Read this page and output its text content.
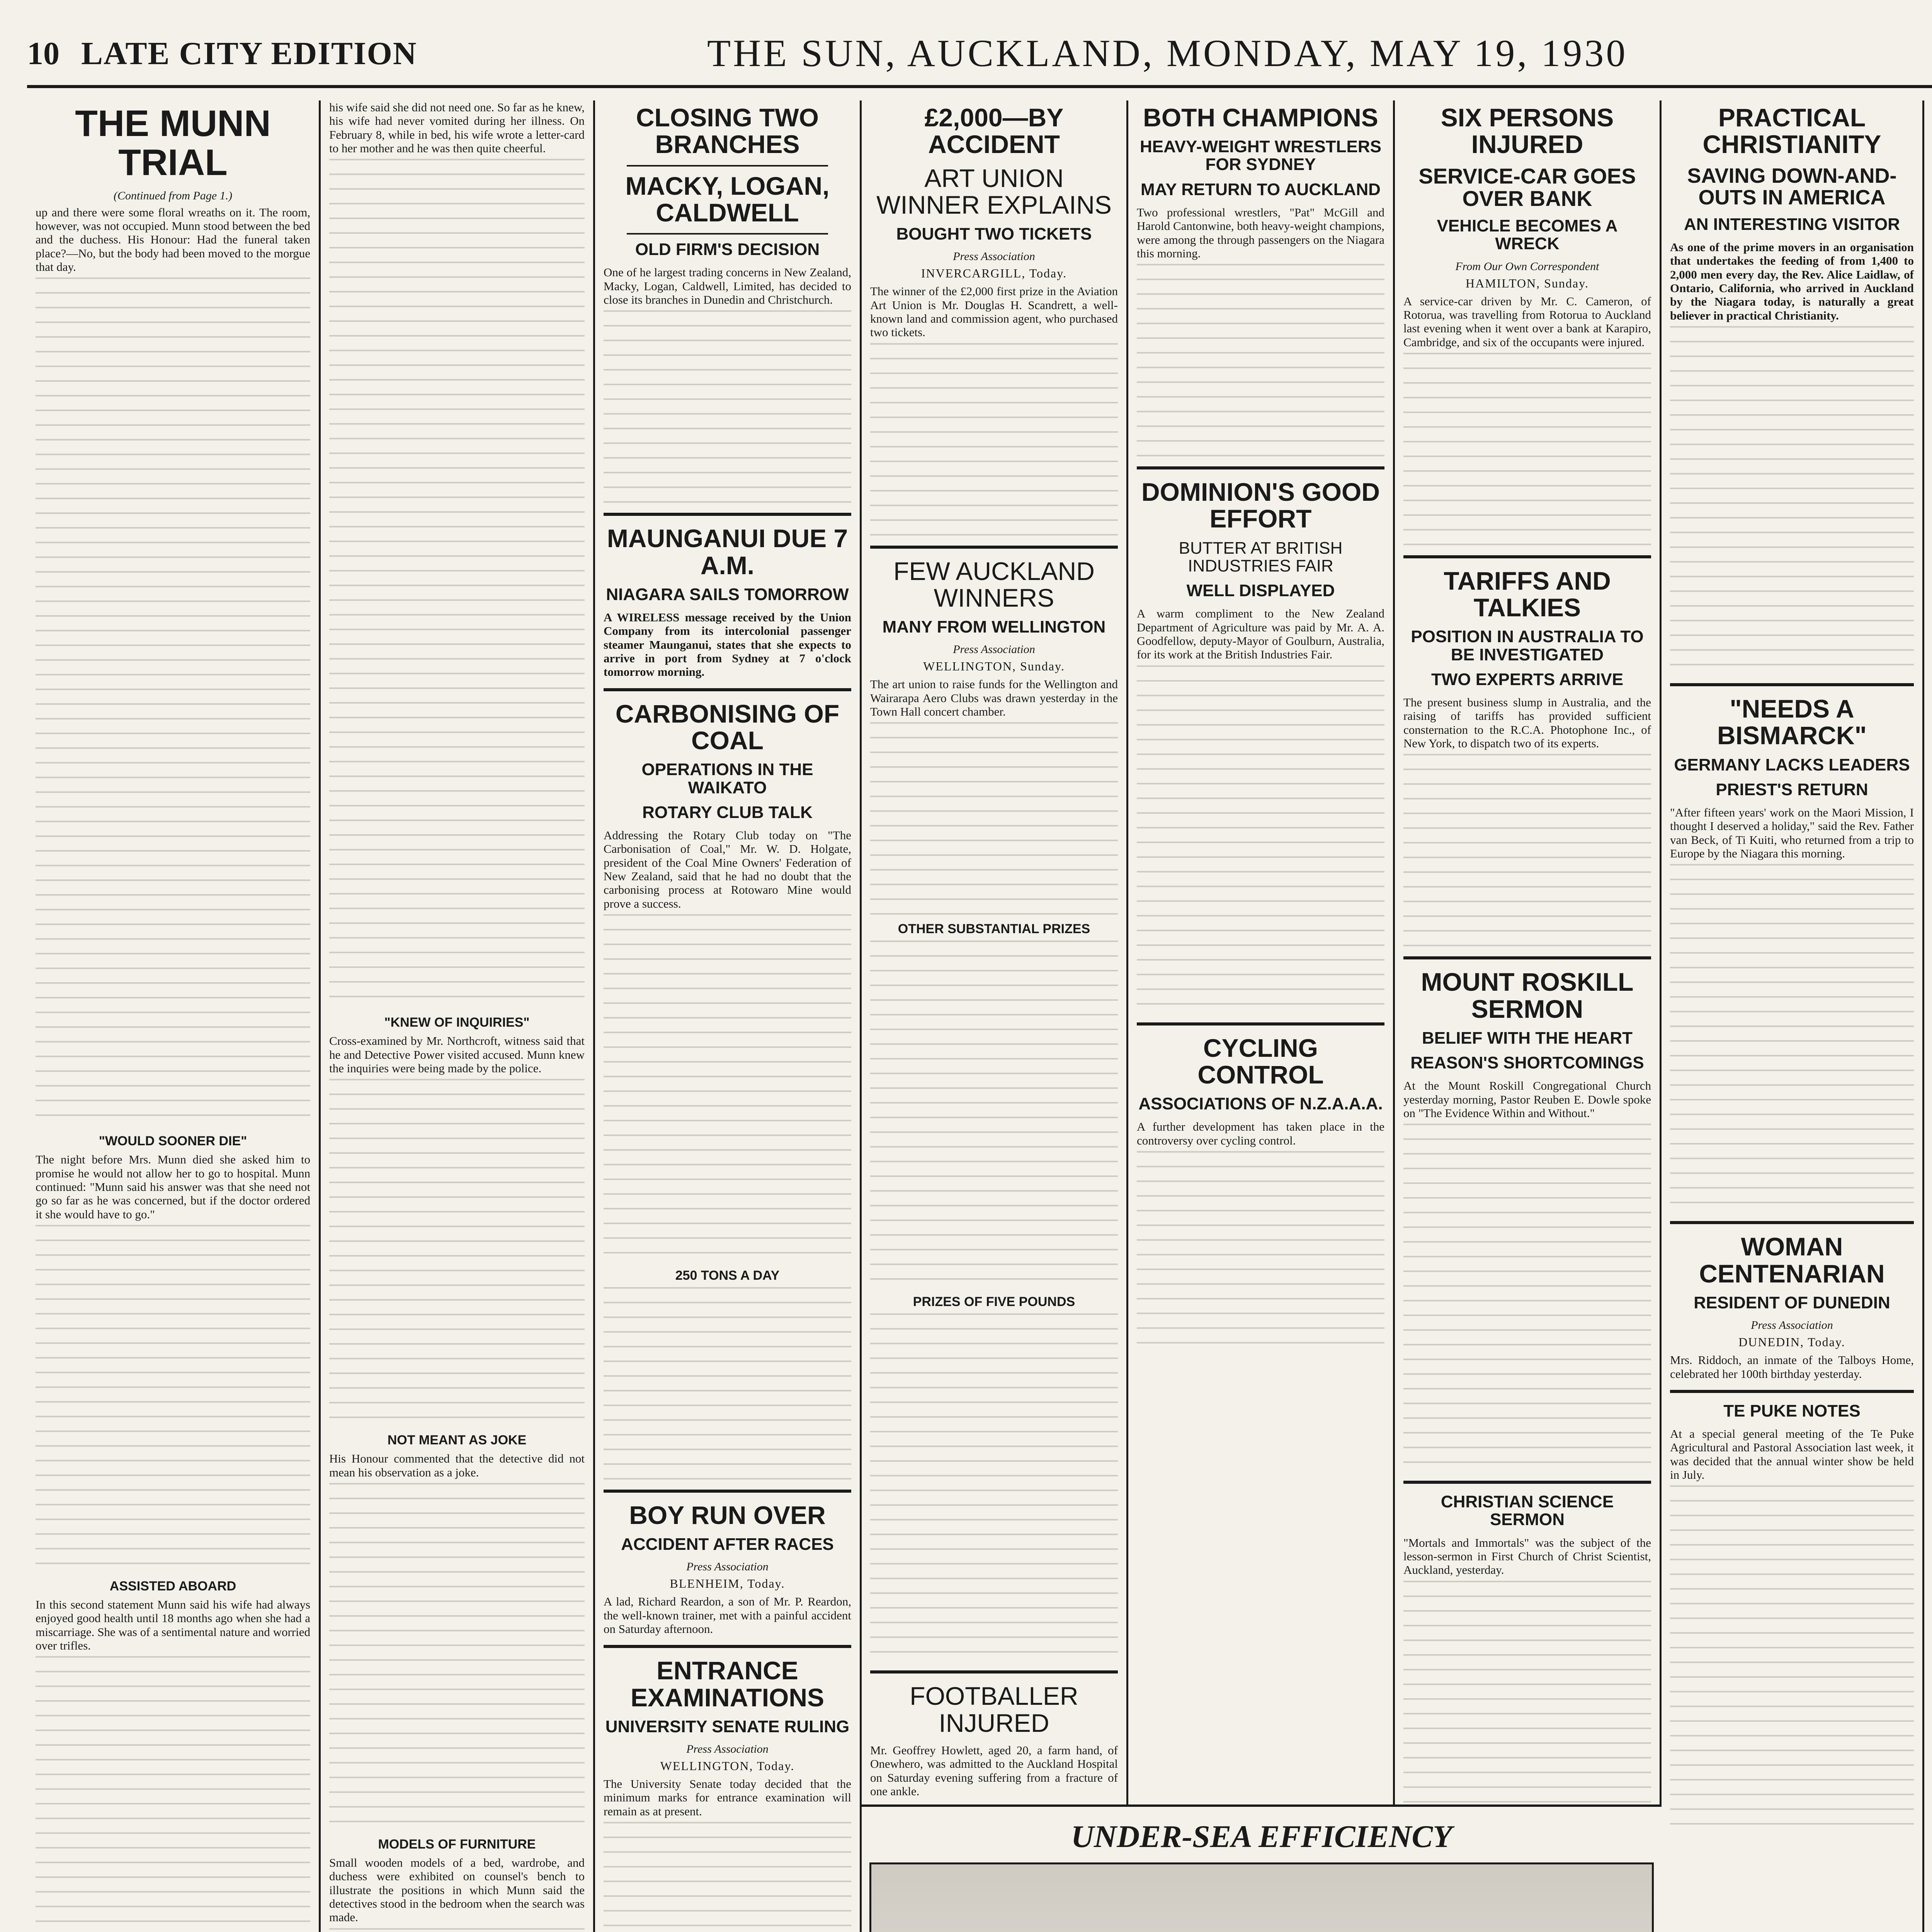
10 LATE CITY EDITION	THE SUN, AUCKLAND, MONDAY, MAY 19, 1930
THE MUNN TRIAL
(Continued from Page 1.)

up and there were some floral wreaths on it. The room, however, was not occupied. Munn stood between the bed and the duchess. His Honour: Had the funeral taken place?—No, but the body had been moved to the morgue that day.

"WOULD SOONER DIE"

The night before Mrs. Munn died she asked him to promise he would not allow her to go to hospital. Munn continued: "Munn said his answer was that she need not go so far as he was concerned, but if the doctor ordered it she would have to go."

ASSISTED ABOARD

In this second statement Munn said his wife had always enjoyed good health until 18 months ago when she had a miscarriage. She was of a sentimental nature and worried over trifles.

his wife said she did not need one. So far as he knew, his wife had never vomited during her illness. On February 8, while in bed, his wife wrote a letter-card to her mother and he was then quite cheerful.

"KNEW OF INQUIRIES"

Cross-examined by Mr. Northcroft, witness said that he and Detective Power visited accused. Munn knew the inquiries were being made by the police.

NOT MEANT AS JOKE

His Honour commented that the detective did not mean his observation as a joke.

MODELS OF FURNITURE

Small wooden models of a bed, wardrobe, and duchess were exhibited on counsel's bench to illustrate the positions in which Munn said the detectives stood in the bedroom when the search was made.

CLOSING TWO BRANCHES
MACKY, LOGAN, CALDWELL
OLD FIRM'S DECISION

One of he largest trading concerns in New Zealand, Macky, Logan, Caldwell, Limited, has decided to close its branches in Dunedin and Christchurch.

MAUNGANUI DUE 7 A.M.
NIAGARA SAILS TOMORROW

A WIRELESS message received by the Union Company from its intercolonial passenger steamer Maunganui, states that she expects to arrive in port from Sydney at 7 o'clock tomorrow morning.

CARBONISING OF COAL
OPERATIONS IN THE WAIKATO
ROTARY CLUB TALK

Addressing the Rotary Club today on "The Carbonisation of Coal," Mr. W. D. Holgate, president of the Coal Mine Owners' Federation of New Zealand, said that he had no doubt that the carbonising process at Rotowaro Mine would prove a success.

250 TONS A DAY
BOY RUN OVER
ACCIDENT AFTER RACES
Press Association
BLENHEIM, Today.

A lad, Richard Reardon, a son of Mr. P. Reardon, the well-known trainer, met with a painful accident on Saturday afternoon.

ENTRANCE EXAMINATIONS
UNIVERSITY SENATE RULING
Press Association
WELLINGTON, Today.

The University Senate today decided that the minimum marks for entrance examination will remain as at present.

£2,000—BY ACCIDENT
ART UNION WINNER EXPLAINS
BOUGHT TWO TICKETS
Press Association
INVERCARGILL, Today.

The winner of the £2,000 first prize in the Aviation Art Union is Mr. Douglas H. Scandrett, a well-known land and commission agent, who purchased two tickets.

FEW AUCKLAND WINNERS
MANY FROM WELLINGTON
Press Association
WELLINGTON, Sunday.

The art union to raise funds for the Wellington and Wairarapa Aero Clubs was drawn yesterday in the Town Hall concert chamber.

OTHER SUBSTANTIAL PRIZES
PRIZES OF FIVE POUNDS
FOOTBALLER INJURED

Mr. Geoffrey Howlett, aged 20, a farm hand, of Onewhero, was admitted to the Auckland Hospital on Saturday evening suffering from a fracture of one ankle.

BOTH CHAMPIONS
HEAVY-WEIGHT WRESTLERS FOR SYDNEY
MAY RETURN TO AUCKLAND

Two professional wrestlers, "Pat" McGill and Harold Cantonwine, both heavy-weight champions, were among the through passengers on the Niagara this morning.

DOMINION'S GOOD EFFORT
BUTTER AT BRITISH INDUSTRIES FAIR
WELL DISPLAYED

A warm compliment to the New Zealand Department of Agriculture was paid by Mr. A. A. Goodfellow, deputy-Mayor of Goulburn, Australia, for its work at the British Industries Fair.

CYCLING CONTROL
ASSOCIATIONS OF N.Z.A.A.A.

A further development has taken place in the controversy over cycling control.

SIX PERSONS INJURED
SERVICE-CAR GOES OVER BANK
VEHICLE BECOMES A WRECK
From Our Own Correspondent
HAMILTON, Sunday.

A service-car driven by Mr. C. Cameron, of Rotorua, was travelling from Rotorua to Auckland last evening when it went over a bank at Karapiro, Cambridge, and six of the occupants were injured.

TARIFFS AND TALKIES
POSITION IN AUSTRALIA TO BE INVESTIGATED
TWO EXPERTS ARRIVE

The present business slump in Australia, and the raising of tariffs has provided sufficient consternation to the R.C.A. Photophone Inc., of New York, to dispatch two of its experts.

MOUNT ROSKILL SERMON
BELIEF WITH THE HEART
REASON'S SHORTCOMINGS

At the Mount Roskill Congregational Church yesterday morning, Pastor Reuben E. Dowle spoke on "The Evidence Within and Without."

CHRISTIAN SCIENCE SERMON

"Mortals and Immortals" was the subject of the lesson-sermon in First Church of Christ Scientist, Auckland, yesterday.

PRACTICAL CHRISTIANITY
SAVING DOWN-AND-OUTS IN AMERICA
AN INTERESTING VISITOR

As one of the prime movers in an organisation that undertakes the feeding of from 1,400 to 2,000 men every day, the Rev. Alice Laidlaw, of Ontario, California, who arrived in Auckland by the Niagara today, is naturally a great believer in practical Christianity.

"NEEDS A BISMARCK"
GERMANY LACKS LEADERS
PRIEST'S RETURN

"After fifteen years' work on the Maori Mission, I thought I deserved a holiday," said the Rev. Father van Beck, of Ti Kuiti, who returned from a trip to Europe by the Niagara this morning.

WOMAN CENTENARIAN
RESIDENT OF DUNEDIN
Press Association
DUNEDIN, Today.

Mrs. Riddoch, an inmate of the Talboys Home, celebrated her 100th birthday yesterday.

TE PUKE NOTES

At a special general meeting of the Te Puke Agricultural and Pastoral Association last week, it was decided that the annual winter show be held in July.

UNDER-SEA EFFICIENCY
